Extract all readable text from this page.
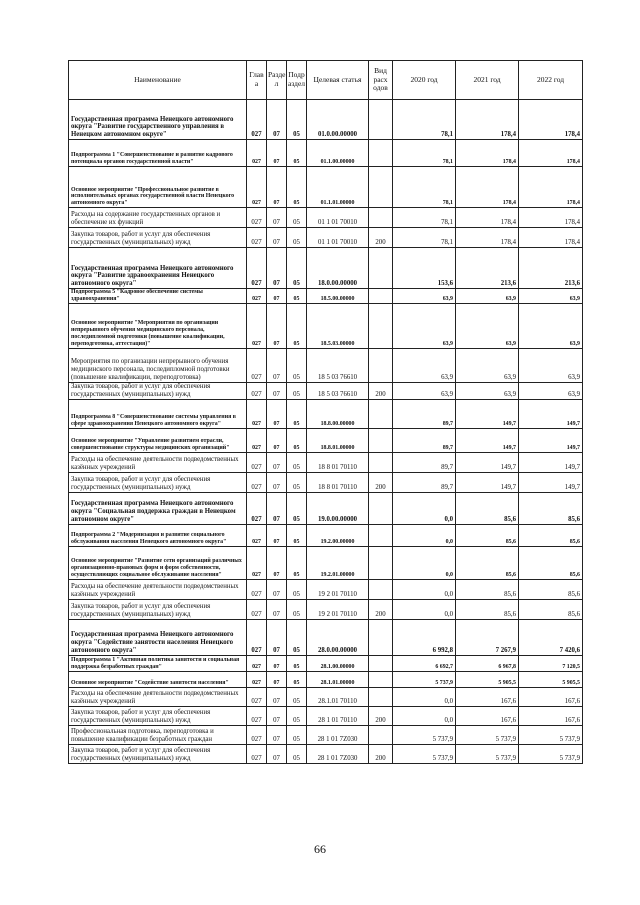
Наименование	Глав а	Разде л	Подр аздел	Целевая статья	Вид расх одов	2020 год	2021 год	2022 год
Государственная программа Ненецкого автономного округа "Развитие государственного управления в Ненецком автономном округе"	027	07	05	01.0.00.00000		78,1	178,4	178,4
Подпрограмма 1 "Совершенствование и развитие кадрового потенциала органов государственной власти"	027	07	05	01.1.00.00000		78,1	178,4	178,4
Основное мероприятие "Профессиональное развитие в исполнительных органах государственной власти Ненецкого автономного округа"	027	07	05	01.1.01.00000		78,1	178,4	178,4
Расходы на содержание государственных органов и обеспечение их функций	027	07	05	01 1 01 70010		78,1	178,4	178,4
Закупка товаров, работ и услуг для обеспечения государственных (муниципальных) нужд	027	07	05	01 1 01 70010	200	78,1	178,4	178,4
Государственная программа Ненецкого автономного округа "Развитие здравоохранения Ненецкого автономного округа"	027	07	05	18.0.00.00000		153,6	213,6	213,6
Подпрограмма 5 "Кадровое обеспечение системы здравоохранения"	027	07	05	18.5.00.00000		63,9	63,9	63,9
Основное мероприятие "Мероприятия по организации непрерывного обучения медицинского персонала, последипломной подготовки (повышение квалификации, переподготовка, аттестация)"	027	07	05	18.5.03.00000		63,9	63,9	63,9
Мероприятия по организации непрерывного обучения медицинского персонала, последипломной подготовки (повышение квалификации, переподготовка)	027	07	05	18 5 03 76610		63,9	63,9	63,9
Закупка товаров, работ и услуг для обеспечения государственных (муниципальных) нужд	027	07	05	18 5 03 76610	200	63,9	63,9	63,9
Подпрограмма 8 "Совершенствование системы управления в сфере здравоохранения Ненецкого автономного округа"	027	07	05	18.8.00.00000		89,7	149,7	149,7
Основное мероприятие "Управление развитием отрасли, совершенствование структуры медицинских организаций"	027	07	05	18.8.01.00000		89,7	149,7	149,7
Расходы на обеспечение деятельности подведомственных казённых учреждений	027	07	05	18 8 01 70110		89,7	149,7	149,7
Закупка товаров, работ и услуг для обеспечения государственных (муниципальных) нужд	027	07	05	18 8 01 70110	200	89,7	149,7	149,7
Государственная программа Ненецкого автономного округа "Социальная поддержка граждан в Ненецком автономном округе"	027	07	05	19.0.00.00000		0,0	85,6	85,6
Подпрограмма 2 "Модернизация и развитие социального обслуживания населения Ненецкого автономного округа"	027	07	05	19.2.00.00000		0,0	85,6	85,6
Основное мероприятие "Развитие сети организаций различных организационно-правовых форм и форм собственности, осуществляющих социальное обслуживание населения"	027	07	05	19.2.01.00000		0,0	85,6	85,6
Расходы на обеспечение деятельности подведомственных казённых учреждений	027	07	05	19 2 01 70110		0,0	85,6	85,6
Закупка товаров, работ и услуг для обеспечения государственных (муниципальных) нужд	027	07	05	19 2 01 70110	200	0,0	85,6	85,6
Государственная программа Ненецкого автономного округа "Содействие занятости населения Ненецкого автономного округа"	027	07	05	28.0.00.00000		6 992,8	7 267,9	7 420,6
Подпрограмма 1 "Активная политика занятости и социальная поддержка безработных граждан"	027	07	05	28.1.00.00000		6 692,7	6 967,8	7 120,5
Основное мероприятие "Содействие занятости населения"	027	07	05	28.1.01.00000		5 737,9	5 905,5	5 905,5
Расходы на обеспечение деятельности подведомственных казённых учреждений	027	07	05	28.1.01 70110		0,0	167,6	167,6
Закупка товаров, работ и услуг для обеспечения государственных (муниципальных) нужд	027	07	05	28 1 01 70110	200	0,0	167,6	167,6
Профессиональная подготовка, переподготовка и повышение квалификации безработных граждан	027	07	05	28 1 01 7Z030		5 737,9	5 737,9	5 737,9
Закупка товаров, работ и услуг для обеспечения государственных (муниципальных) нужд	027	07	05	28 1 01 7Z030	200	5 737,9	5 737,9	5 737,9
66
